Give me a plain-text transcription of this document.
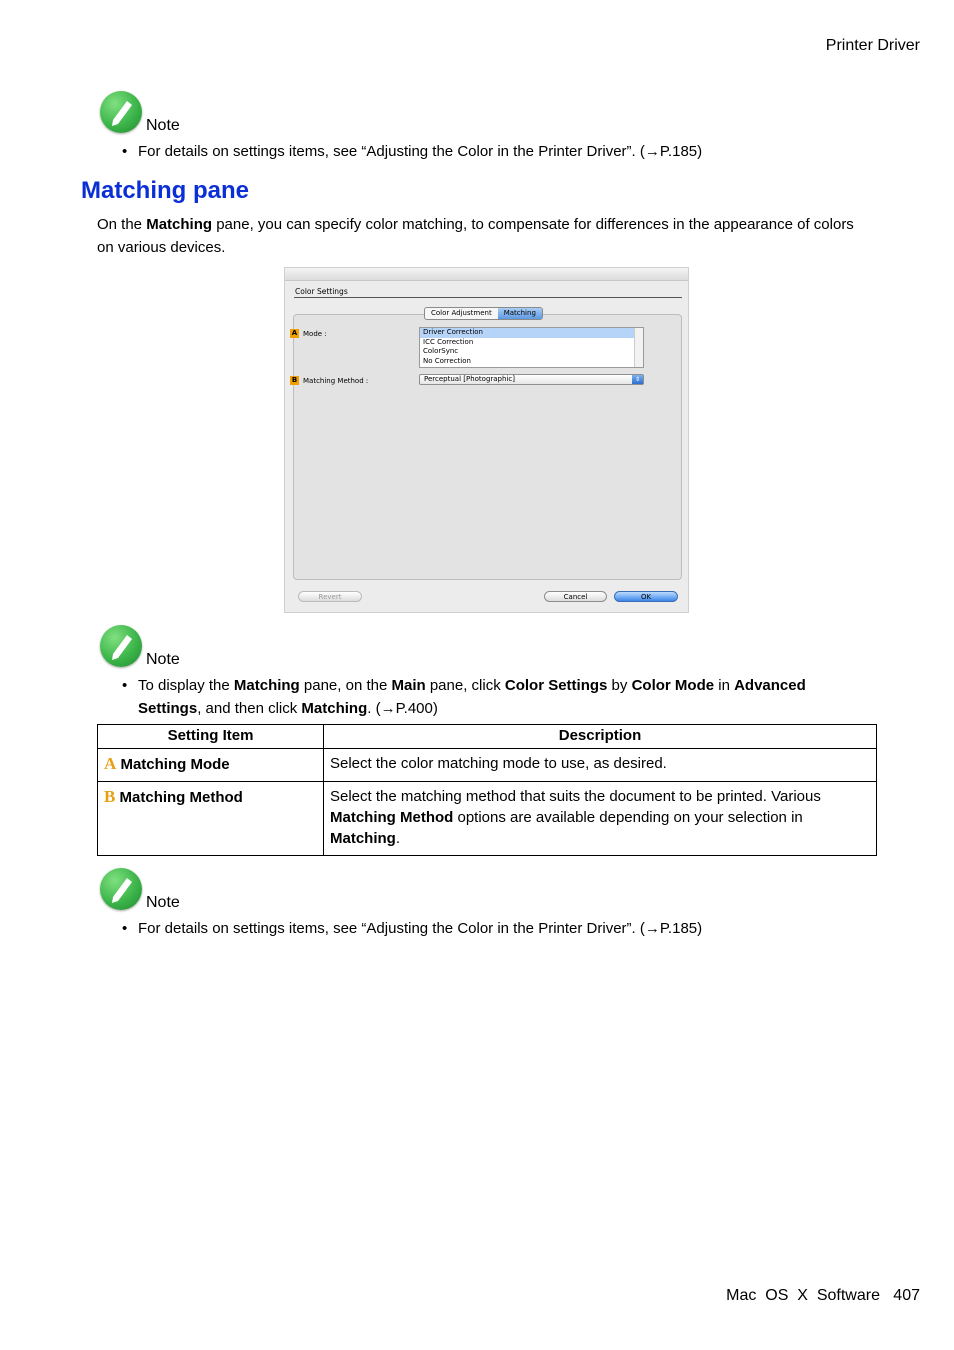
Printer Driver
Mac  OS  X  Software   407
Note
• For details on settings items, see “Adjusting the Color in the Printer Driver”. (→P.185)
Matching pane
On the Matching pane, you can specify color matching, to compensate for differences in the appearance of colors on various devices.
Color Settings
Color Adjustment	Matching
A Mode :	Driver Correction
ICC Correction
ColorSync
No Correction
B Matching Method :	Perceptual [Photographic]	⇕
Revert	Cancel	OK
Note
• To display the Matching pane, on the Main pane, click Color Settings by Color Mode in Advanced Settings, and then click Matching. (→P.400)
Setting Item	Description
A Matching Mode	Select the color matching mode to use, as desired.
B Matching Method	Select the matching method that suits the document to be printed. Various Matching Method options are available depending on your selection in Matching.
Note
• For details on settings items, see “Adjusting the Color in the Printer Driver”. (→P.185)
